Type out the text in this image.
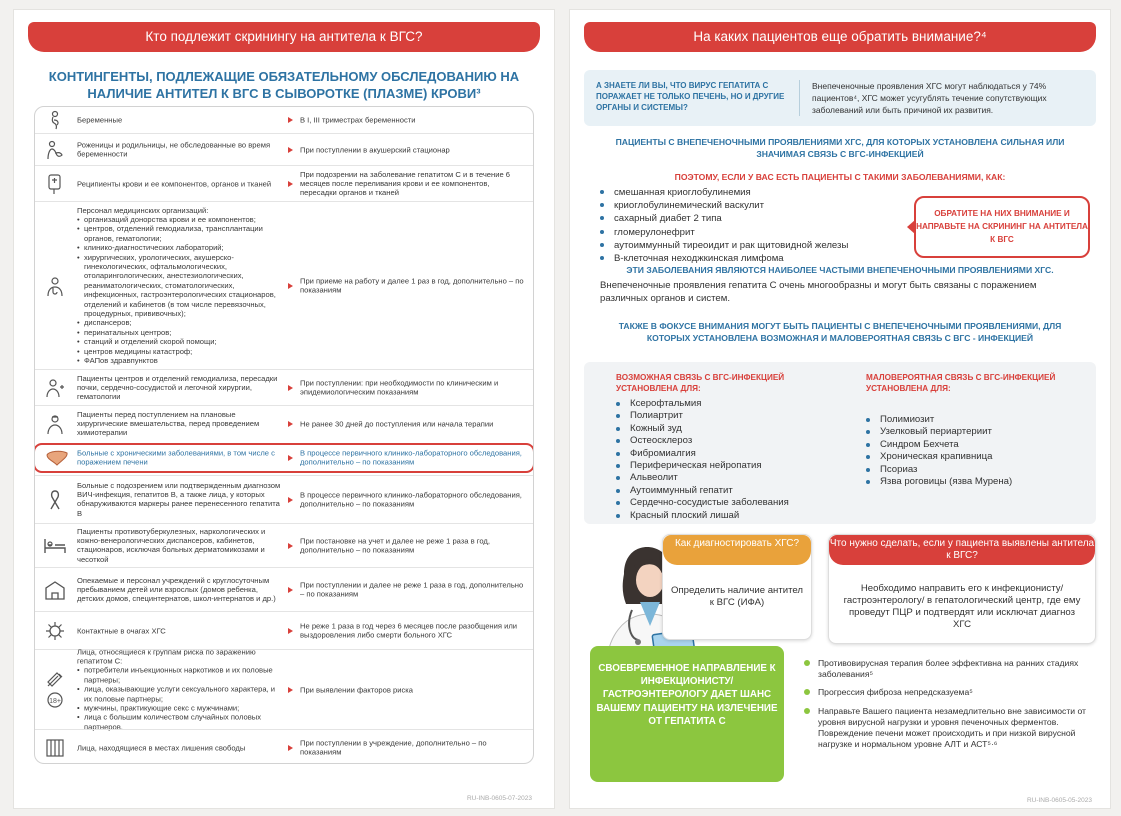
Кто подлежит скринингу на антитела к ВГС?
КОНТИНГЕНТЫ, ПОДЛЕЖАЩИЕ ОБЯЗАТЕЛЬНОМУ ОБСЛЕДОВАНИЮ НА НАЛИЧИЕ АНТИТЕЛ К ВГС В СЫВОРОТКЕ (ПЛАЗМЕ) КРОВИ³
Беременные	В I, III триместрах беременности
Роженицы и родильницы, не обследованные во время беременности
При поступлении в акушерский стационар
Реципиенты крови и ее компонентов, органов и тканей
При подозрении на заболевание гепатитом С и в течение 6 месяцев после переливания крови и ее компонентов, пересадки органов и тканей
Персонал медицинских организаций:
• организаций донорства крови и ее компонентов;
• центров, отделений гемодиализа, трансплантации органов, гематологии;
• клинико-диагностических лабораторий;
• хирургических, урологических, акушерско-гинекологических, офтальмологических, отоларингологических, анестезиологических, реаниматологических, стоматологических, инфекционных, гастроэнтерологических стационаров, отделений и кабинетов (в том числе перевязочных, процедурных, прививочных);
• диспансеров;
• перинатальных центров;
• станций и отделений скорой помощи;
• центров медицины катастроф;
• ФАПов здравпунктов
При приеме на работу и далее 1 раз в год, дополнительно – по показаниям
Пациенты центров и отделений гемодиализа, пересадки почки, сердечно-сосудистой и легочной хирургии, гематологии
При поступлении: при необходимости по клиническим и эпидемиологическим показаниям
Пациенты перед поступлением на плановые хирургические вмешательства, перед проведением химиотерапии
Не ранее 30 дней до поступления или начала терапии
Больные с хроническими заболеваниями, в том числе с поражением печени
В процессе первичного клинико-лабораторного обследования, дополнительно – по показаниям
Больные с подозрением или подтвержденным диагнозом ВИЧ-инфекция, гепатитов В, а также лица, у которых обнаруживаются маркеры ранее перенесенного гепатита В
В процессе первичного клинико-лабораторного обследования, дополнительно – по показаниям
Пациенты противотуберкулезных, наркологических и кожно-венерологических диспансеров, кабинетов, стационаров, исключая больных дерматомикозами и чесоткой
При постановке на учет и далее не реже 1 раза в год, дополнительно – по показаниям
Опекаемые и персонал учреждений с круглосуточным пребыванием детей или взрослых (домов ребенка, детских домов, специнтернатов, школ-интернатов и др.)
При поступлении и далее не реже 1 раза в год, дополнительно – по показаниям
Контактные в очагах ХГС
Не реже 1 раза в год через 6 месяцев после разобщения или выздоровления либо смерти больного ХГС
18+
Лица, относящиеся к группам риска по заражению гепатитом С:
• потребители инъекционных наркотиков и их половые партнеры;
• лица, оказывающие услуги сексуального характера, и их половые партнеры;
• мужчины, практикующие секс с мужчинами;
• лица с большим количеством случайных половых партнеров.
При выявлении факторов риска
Лица, находящиеся в местах лишения свободы
При поступлении в учреждение, дополнительно – по показаниям
RU-INB-0605-07-2023
На каких пациентов еще обратить внимание?⁴
А ЗНАЕТЕ ЛИ ВЫ, ЧТО ВИРУС ГЕПАТИТА С ПОРАЖАЕТ НЕ ТОЛЬКО ПЕЧЕНЬ, НО И ДРУГИЕ ОРГАНЫ И СИСТЕМЫ?
Внепеченочные проявления ХГС могут наблюдаться у 74% пациентов⁴, ХГС может усугублять течение сопутствующих заболеваний или быть причиной их развития.
ПАЦИЕНТЫ С ВНЕПЕЧЕНОЧНЫМИ ПРОЯВЛЕНИЯМИ ХГС, ДЛЯ КОТОРЫХ УСТАНОВЛЕНА СИЛЬНАЯ ИЛИ ЗНАЧИМАЯ СВЯЗЬ С ВГС-ИНФЕКЦИЕЙ
ПОЭТОМУ, ЕСЛИ У ВАС ЕСТЬ ПАЦИЕНТЫ С ТАКИМИ ЗАБОЛЕВАНИЯМИ, КАК:
смешанная криоглобулинемия
криоглобулинемический васкулит
сахарный диабет 2 типа
гломерулонефрит
аутоиммунный тиреоидит и рак щитовидной железы
В-клеточная неходжкинская лимфома
ОБРАТИТЕ НА НИХ ВНИМАНИЕ И НАПРАВЬТЕ НА СКРИНИНГ НА АНТИТЕЛА К ВГС
ЭТИ ЗАБОЛЕВАНИЯ ЯВЛЯЮТСЯ НАИБОЛЕЕ ЧАСТЫМИ ВНЕПЕЧЕНОЧНЫМИ ПРОЯВЛЕНИЯМИ ХГС.
Внепеченочные проявления гепатита С очень многообразны и могут быть связаны с поражением различных органов и систем.
ТАКЖЕ В ФОКУСЕ ВНИМАНИЯ МОГУТ БЫТЬ ПАЦИЕНТЫ С ВНЕПЕЧЕНОЧНЫМИ ПРОЯВЛЕНИЯМИ, ДЛЯ КОТОРЫХ УСТАНОВЛЕНА ВОЗМОЖНАЯ И МАЛОВЕРОЯТНАЯ СВЯЗЬ С ВГС - ИНФЕКЦИЕЙ
ВОЗМОЖНАЯ СВЯЗЬ С ВГС-ИНФЕКЦИЕЙ УСТАНОВЛЕНА ДЛЯ:
Ксерофтальмия
Полиартрит
Кожный зуд
Остеосклероз
Фибромиалгия
Периферическая нейропатия
Альвеолит
Аутоиммунный гепатит
Сердечно-сосудистые заболевания
Красный плоский лишай
МАЛОВЕРОЯТНАЯ СВЯЗЬ С ВГС-ИНФЕКЦИЕЙ УСТАНОВЛЕНА ДЛЯ:
Полимиозит
Узелковый периартериит
Синдром Бехчета
Хроническая крапивница
Псориаз
Язва роговицы (язва Мурена)
Как диагностировать ХГС?
Определить наличие антител к ВГС (ИФА)
Что нужно сделать, если у пациента выявлены антитела к ВГС?
Необходимо направить его к инфекционисту/гастроэнтерологу/ в гепатологический центр, где ему проведут ПЦР и подтвердят или исключат диагноз ХГС
СВОЕВРЕМЕННОЕ НАПРАВЛЕНИЕ К ИНФЕКЦИОНИСТУ/ ГАСТРОЭНТЕРОЛОГУ ДАЕТ ШАНС ВАШЕМУ ПАЦИЕНТУ НА ИЗЛЕЧЕНИЕ ОТ ГЕПАТИТА С
Противовирусная терапия более эффективна на ранних стадиях заболевания⁵
Прогрессия фиброза непредсказуема⁵
Направьте Вашего пациента незамедлительно вне зависимости от уровня вирусной нагрузки и уровня печеночных ферментов. Повреждение печени может происходить и при низкой вирусной нагрузке и нормальном уровне АЛТ и АСТ⁵·⁶
RU-INB-0605-05-2023
